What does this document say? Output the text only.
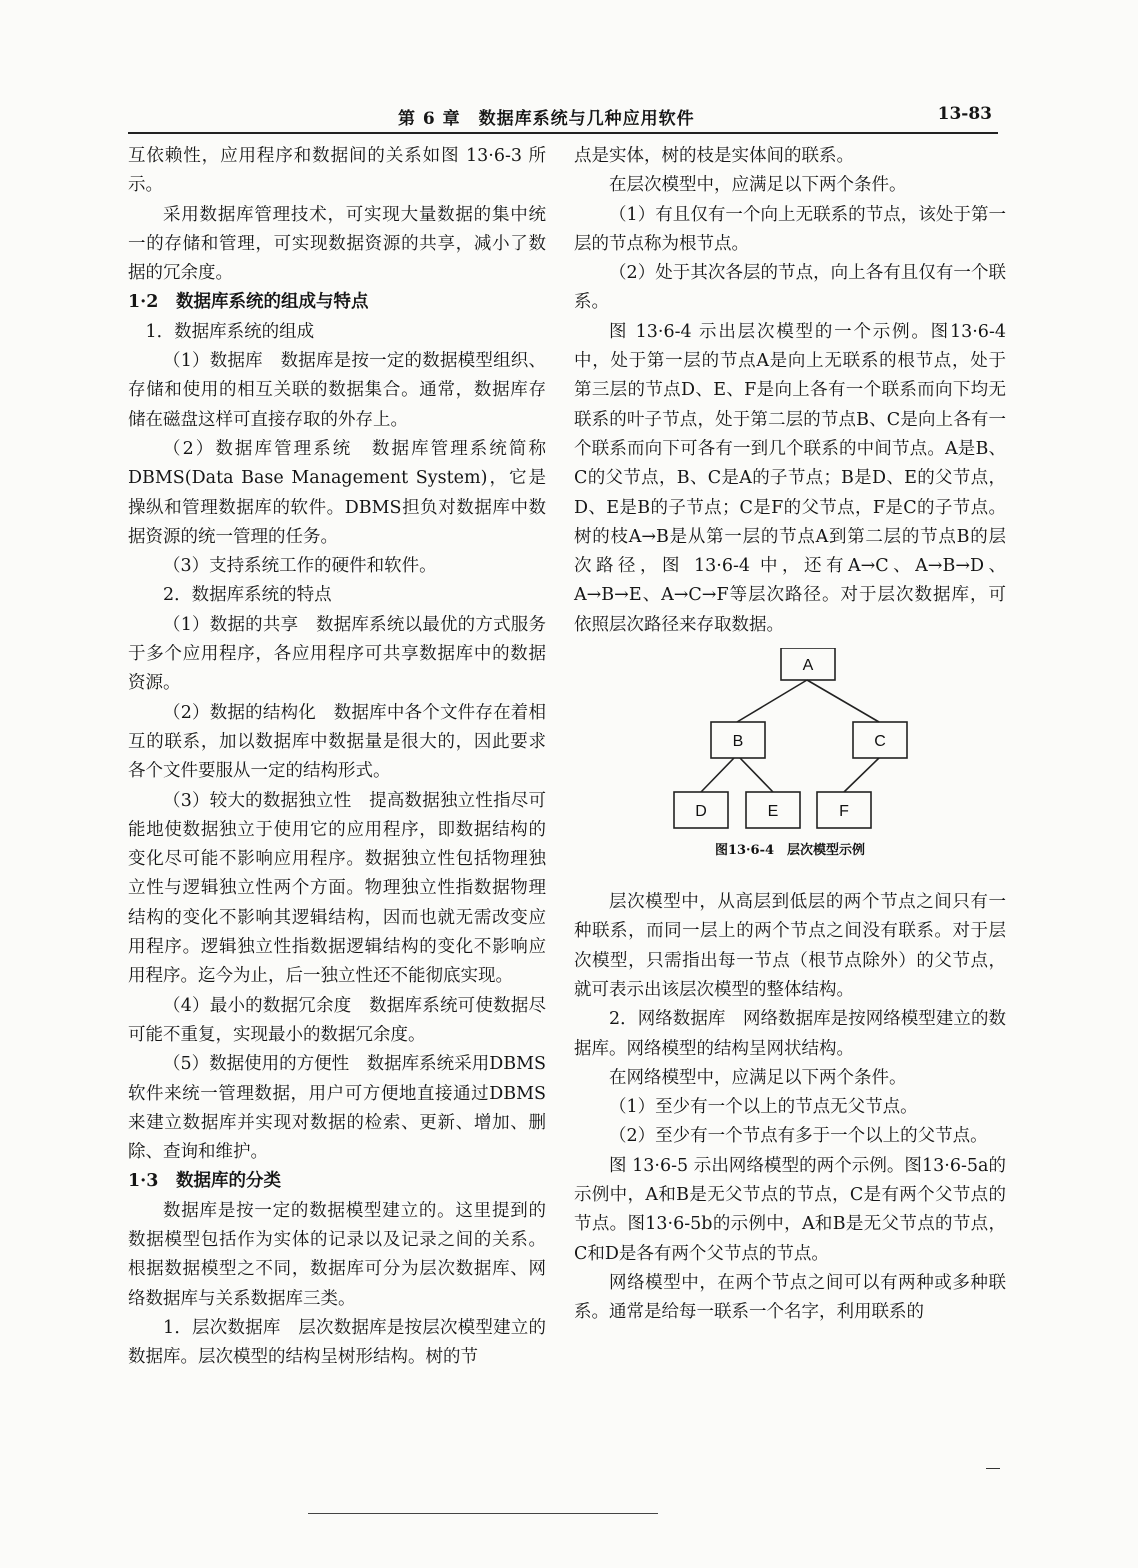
第 6 章　数据库系统与几种应用软件	13-83

互依赖性，应用程序和数据间的关系如图 13·6-3 所示。

采用数据库管理技术，可实现大量数据的集中统一的存储和管理，可实现数据资源的共享，减小了数据的冗余度。

1·2　数据库系统的组成与特点

1．数据库系统的组成

（1）数据库　数据库是按一定的数据模型组织、存储和使用的相互关联的数据集合。通常，数据库存储在磁盘这样可直接存取的外存上。

（2）数据库管理系统　数据库管理系统简称 DBMS(Data Base Management System)，它是操纵和管理数据库的软件。DBMS担负对数据库中数据资源的统一管理的任务。

（3）支持系统工作的硬件和软件。

2．数据库系统的特点

（1）数据的共享　数据库系统以最优的方式服务于多个应用程序，各应用程序可共享数据库中的数据资源。

（2）数据的结构化　数据库中各个文件存在着相互的联系，加以数据库中数据量是很大的，因此要求各个文件要服从一定的结构形式。

（3）较大的数据独立性　提高数据独立性指尽可能地使数据独立于使用它的应用程序，即数据结构的变化尽可能不影响应用程序。数据独立性包括物理独立性与逻辑独立性两个方面。物理独立性指数据物理结构的变化不影响其逻辑结构，因而也就无需改变应用程序。逻辑独立性指数据逻辑结构的变化不影响应用程序。迄今为止，后一独立性还不能彻底实现。

（4）最小的数据冗余度　数据库系统可使数据尽可能不重复，实现最小的数据冗余度。

（5）数据使用的方便性　数据库系统采用DBMS软件来统一管理数据，用户可方便地直接通过DBMS来建立数据库并实现对数据的检索、更新、增加、删除、查询和维护。

1·3　数据库的分类

数据库是按一定的数据模型建立的。这里提到的数据模型包括作为实体的记录以及记录之间的关系。根据数据模型之不同，数据库可分为层次数据库、网络数据库与关系数据库三类。

1．层次数据库　层次数据库是按层次模型建立的数据库。层次模型的结构呈树形结构。树的节

点是实体，树的枝是实体间的联系。

在层次模型中，应满足以下两个条件。

（1）有且仅有一个向上无联系的节点，该处于第一层的节点称为根节点。

（2）处于其次各层的节点，向上各有且仅有一个联系。

图 13·6-4 示出层次模型的一个示例。图13·6-4中，处于第一层的节点A是向上无联系的根节点，处于第三层的节点D、E、F是向上各有一个联系而向下均无联系的叶子节点，处于第二层的节点B、C是向上各有一个联系而向下可各有一到几个联系的中间节点。A是B、C的父节点，B、C是A的子节点；B是D、E的父节点，D、E是B的子节点；C是F的父节点，F是C的子节点。树的枝A→B是从第一层的节点A到第二层的节点B的层次路径，图 13·6-4 中，还有A→C、A→B→D、A→B→E、A→C→F等层次路径。对于层次数据库，可依照层次路径来存取数据。

A
B	C
D	E	F
图13·6-4　层次模型示例

层次模型中，从高层到低层的两个节点之间只有一种联系，而同一层上的两个节点之间没有联系。对于层次模型，只需指出每一节点（根节点除外）的父节点，就可表示出该层次模型的整体结构。

2．网络数据库　网络数据库是按网络模型建立的数据库。网络模型的结构呈网状结构。

在网络模型中，应满足以下两个条件。

（1）至少有一个以上的节点无父节点。

（2）至少有一个节点有多于一个以上的父节点。

图 13·6-5 示出网络模型的两个示例。图13·6-5a的示例中，A和B是无父节点的节点，C是有两个父节点的节点。图13·6-5b的示例中，A和B是无父节点的节点，C和D是各有两个父节点的节点。

网络模型中，在两个节点之间可以有两种或多种联系。通常是给每一联系一个名字，利用联系的
